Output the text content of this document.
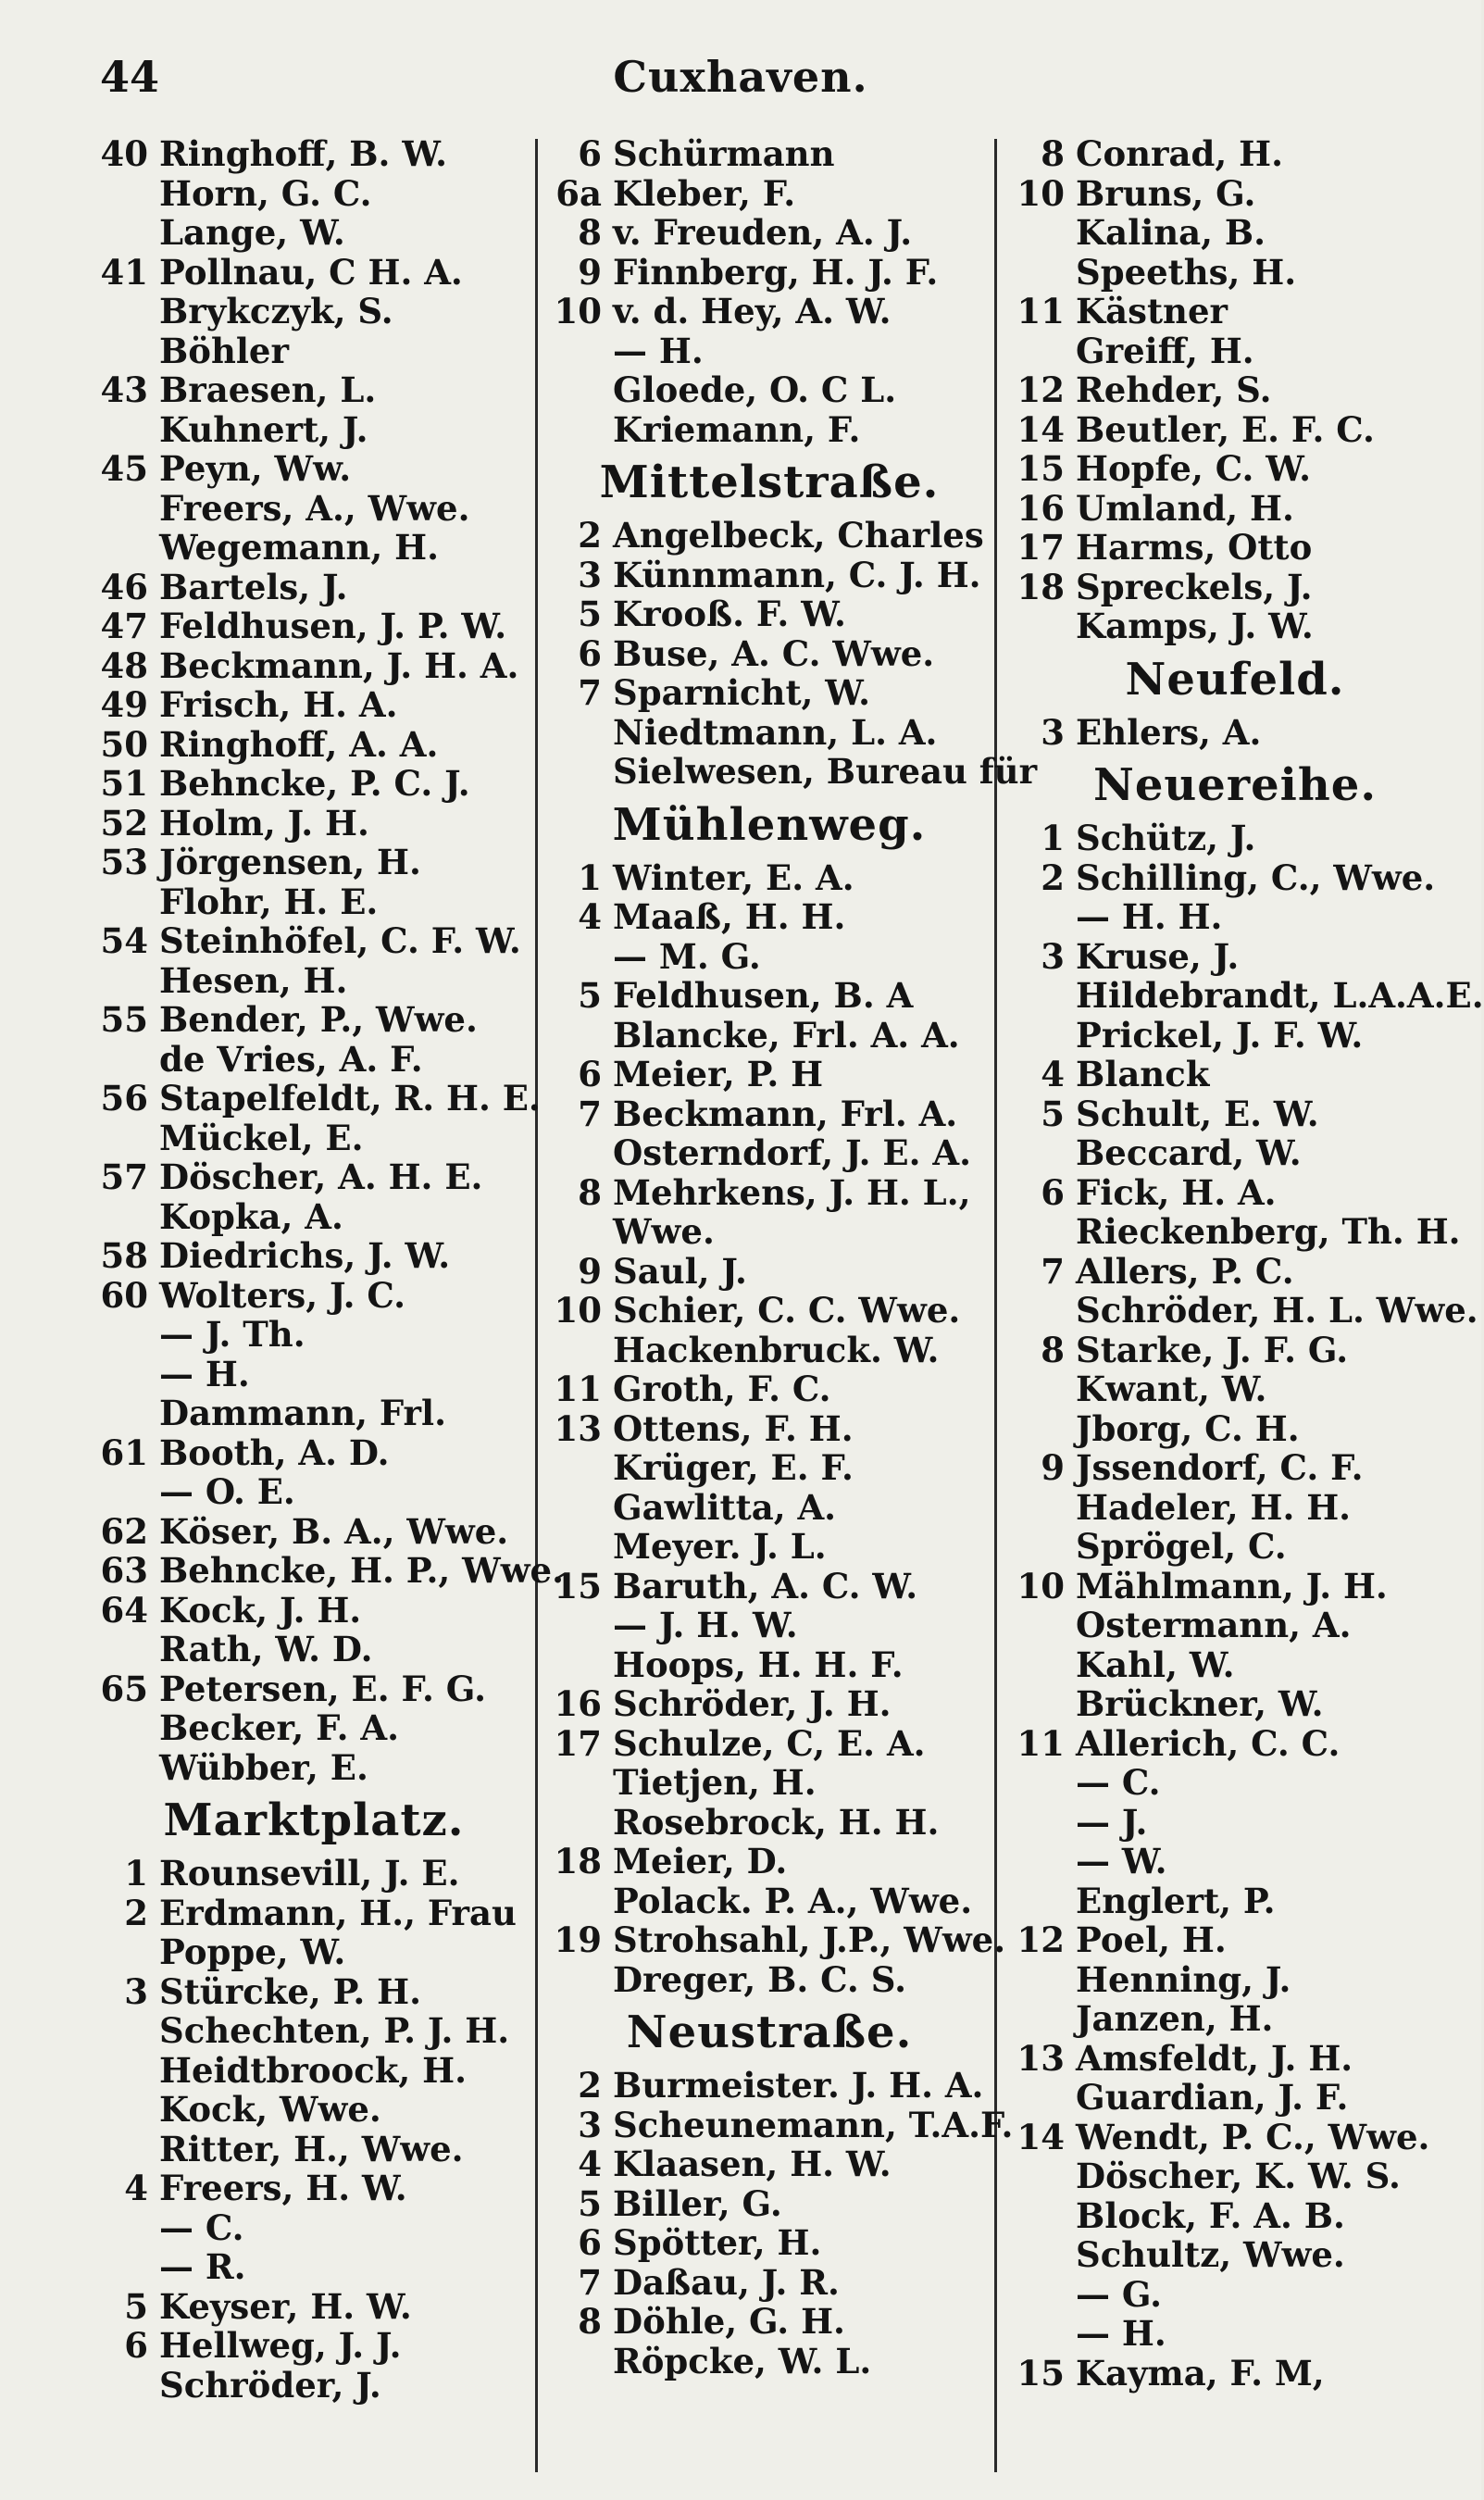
44	Cuxhaven.
40 Ringhoff, B. W.
Horn, G. C.
Lange, W.
41 Pollnau, C H. A.
Brykczyk, S.
Böhler
43 Braesen, L.
Kuhnert, J.
45 Peyn, Ww.
Freers, A., Wwe.
Wegemann, H.
46 Bartels, J.
47 Feldhusen, J. P. W.
48 Beckmann, J. H. A.
49 Frisch, H. A.
50 Ringhoff, A. A.
51 Behncke, P. C. J.
52 Holm, J. H.
53 Jörgensen, H.
Flohr, H. E.
54 Steinhöfel, C. F. W.
Hesen, H.
55 Bender, P., Wwe.
de Vries, A. F.
56 Stapelfeldt, R. H. E.
Mückel, E.
57 Döscher, A. H. E.
Kopka, A.
58 Diedrichs, J. W.
60 Wolters, J. C.
— J. Th.
— H.
Dammann, Frl.
61 Booth, A. D.
— O. E.
62 Köser, B. A., Wwe.
63 Behncke, H. P., Wwe.
64 Kock, J. H.
Rath, W. D.
65 Petersen, E. F. G.
Becker, F. A.
Wübber, E.
Marktplatz.
1 Rounsevill, J. E.
2 Erdmann, H., Frau
Poppe, W.
3 Stürcke, P. H.
Schechten, P. J. H.
Heidtbroock, H.
Kock, Wwe.
Ritter, H., Wwe.
4 Freers, H. W.
— C.
— R.
5 Keyser, H. W.
6 Hellweg, J. J.
Schröder, J.
6 Schürmann
6a Kleber, F.
8 v. Freuden, A. J.
9 Finnberg, H. J. F.
10 v. d. Hey, A. W.
— H.
Gloede, O. C L.
Kriemann, F.
Mittelstraße.
2 Angelbeck, Charles
3 Künnmann, C. J. H.
5 Krooß. F. W.
6 Buse, A. C. Wwe.
7 Sparnicht, W.
Niedtmann, L. A.
Sielwesen, Bureau für
Mühlenweg.
1 Winter, E. A.
4 Maaß, H. H.
— M. G.
5 Feldhusen, B. A
Blancke, Frl. A. A.
6 Meier, P. H
7 Beckmann, Frl. A.
Osterndorf, J. E. A.
8 Mehrkens, J. H. L.,
Wwe.
9 Saul, J.
10 Schier, C. C. Wwe.
Hackenbruck. W.
11 Groth, F. C.
13 Ottens, F. H.
Krüger, E. F.
Gawlitta, A.
Meyer. J. L.
15 Baruth, A. C. W.
— J. H. W.
Hoops, H. H. F.
16 Schröder, J. H.
17 Schulze, C, E. A.
Tietjen, H.
Rosebrock, H. H.
18 Meier, D.
Polack. P. A., Wwe.
19 Strohsahl, J.P., Wwe.
Dreger, B. C. S.
Neustraße.
2 Burmeister. J. H. A.
3 Scheunemann, T.A.F.
4 Klaasen, H. W.
5 Biller, G.
6 Spötter, H.
7 Daßau, J. R.
8 Döhle, G. H.
Röpcke, W. L.
8 Conrad, H.
10 Bruns, G.
Kalina, B.
Speeths, H.
11 Kästner
Greiff, H.
12 Rehder, S.
14 Beutler, E. F. C.
15 Hopfe, C. W.
16 Umland, H.
17 Harms, Otto
18 Spreckels, J.
Kamps, J. W.
Neufeld.
3 Ehlers, A.
Neuereihe.
1 Schütz, J.
2 Schilling, C., Wwe.
— H. H.
3 Kruse, J.
Hildebrandt, L.A.A.E.
Prickel, J. F. W.
4 Blanck
5 Schult, E. W.
Beccard, W.
6 Fick, H. A.
Rieckenberg, Th. H.
7 Allers, P. C.
Schröder, H. L. Wwe.
8 Starke, J. F. G.
Kwant, W.
Jborg, C. H.
9 Jssendorf, C. F.
Hadeler, H. H.
Sprögel, C.
10 Mählmann, J. H.
Ostermann, A.
Kahl, W.
Brückner, W.
11 Allerich, C. C.
— C.
— J.
— W.
Englert, P.
12 Poel, H.
Henning, J.
Janzen, H.
13 Amsfeldt, J. H.
Guardian, J. F.
14 Wendt, P. C., Wwe.
Döscher, K. W. S.
Block, F. A. B.
Schultz, Wwe.
— G.
— H.
15 Kayma, F. M,
